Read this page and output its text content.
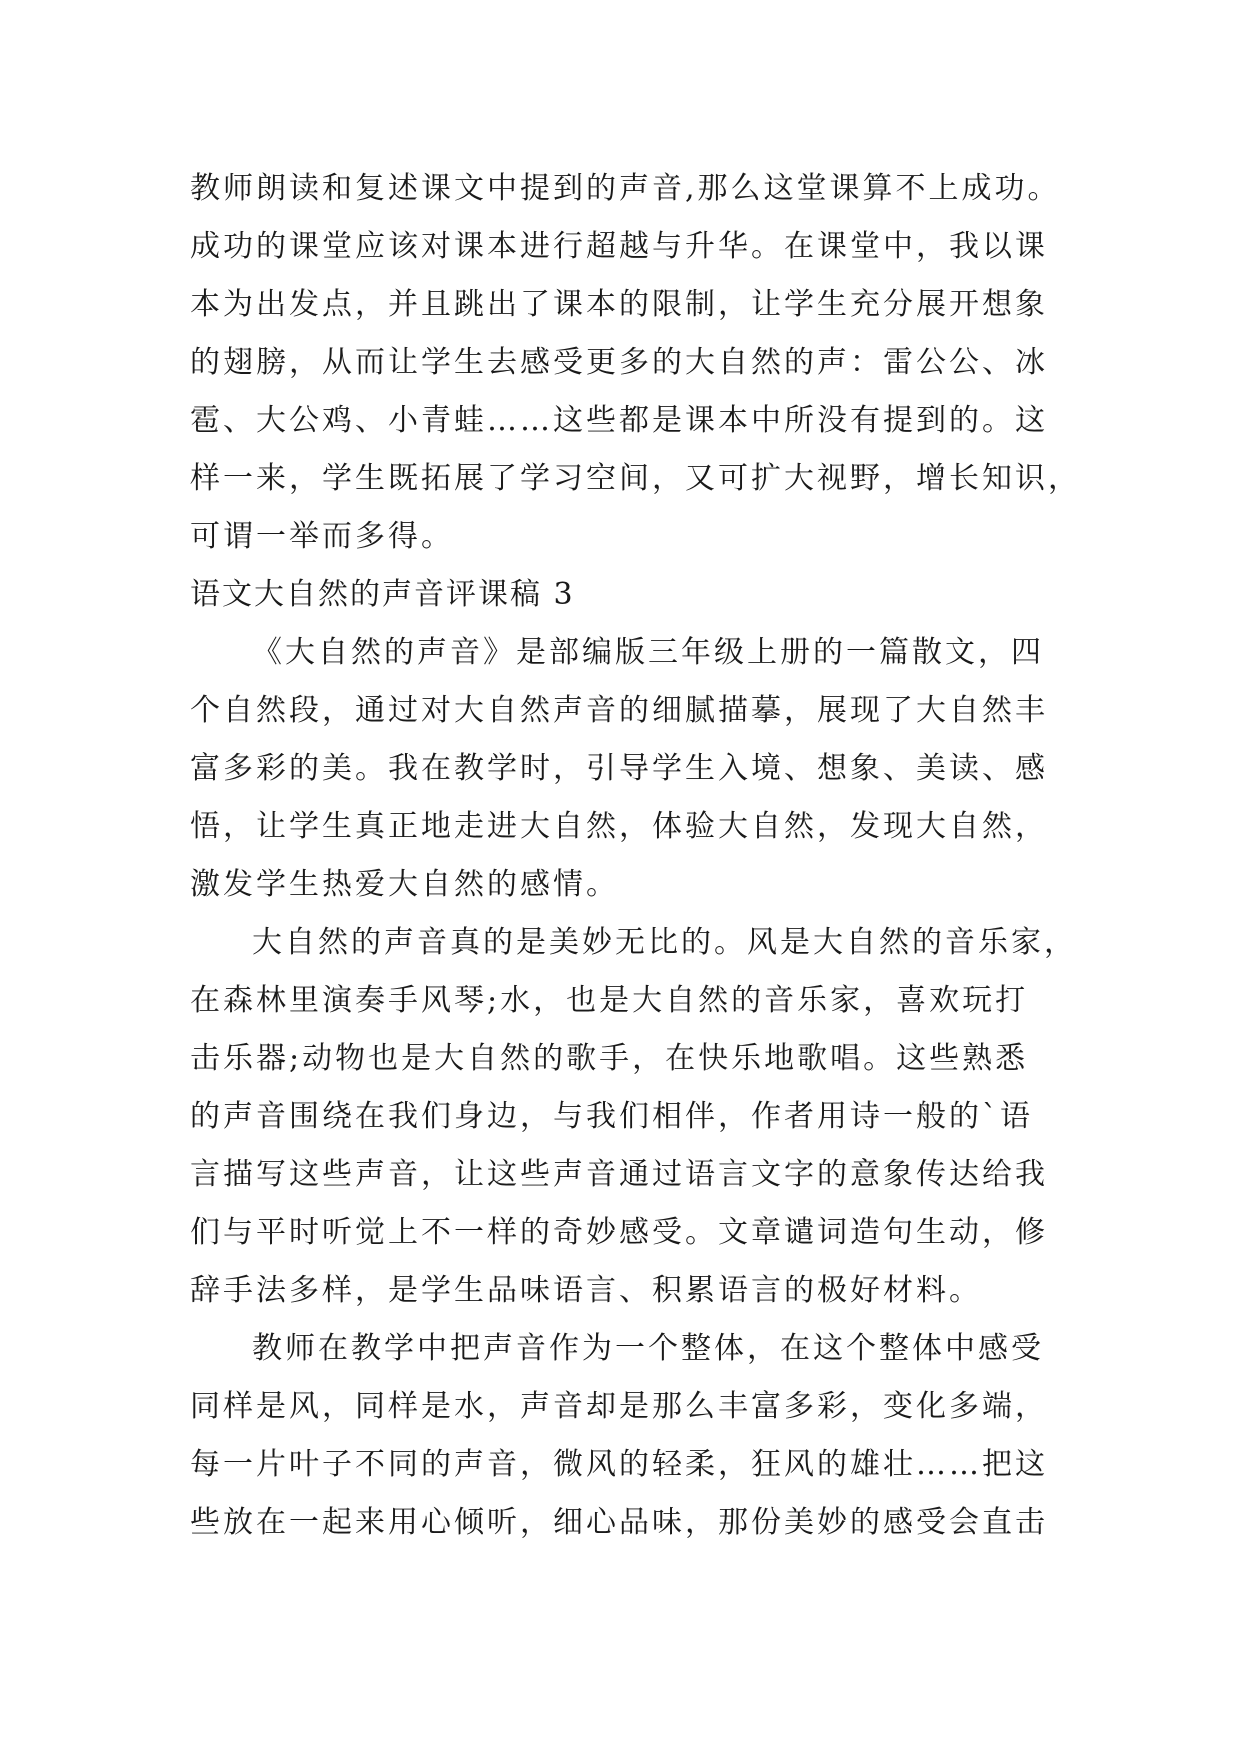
教师朗读和复述课文中提到的声音,那么这堂课算不上成功。
成功的课堂应该对课本进行超越与升华。在课堂中，我以课
本为出发点，并且跳出了课本的限制，让学生充分展开想象
的翅膀，从而让学生去感受更多的大自然的声：雷公公、冰
雹、大公鸡、小青蛙……这些都是课本中所没有提到的。这
样一来，学生既拓展了学习空间，又可扩大视野，增长知识，
可谓一举而多得。
语文大自然的声音评课稿 3
《大自然的声音》是部编版三年级上册的一篇散文，四
个自然段，通过对大自然声音的细腻描摹，展现了大自然丰
富多彩的美。我在教学时，引导学生入境、想象、美读、感
悟，让学生真正地走进大自然，体验大自然，发现大自然，
激发学生热爱大自然的感情。
大自然的声音真的是美妙无比的。风是大自然的音乐家，
在森林里演奏手风琴;水，也是大自然的音乐家，喜欢玩打
击乐器;动物也是大自然的歌手，在快乐地歌唱。这些熟悉
的声音围绕在我们身边，与我们相伴，作者用诗一般的`语
言描写这些声音，让这些声音通过语言文字的意象传达给我
们与平时听觉上不一样的奇妙感受。文章谴词造句生动，修
辞手法多样，是学生品味语言、积累语言的极好材料。
教师在教学中把声音作为一个整体，在这个整体中感受
同样是风，同样是水，声音却是那么丰富多彩，变化多端，
每一片叶子不同的声音，微风的轻柔，狂风的雄壮……把这
些放在一起来用心倾听，细心品味，那份美妙的感受会直击
